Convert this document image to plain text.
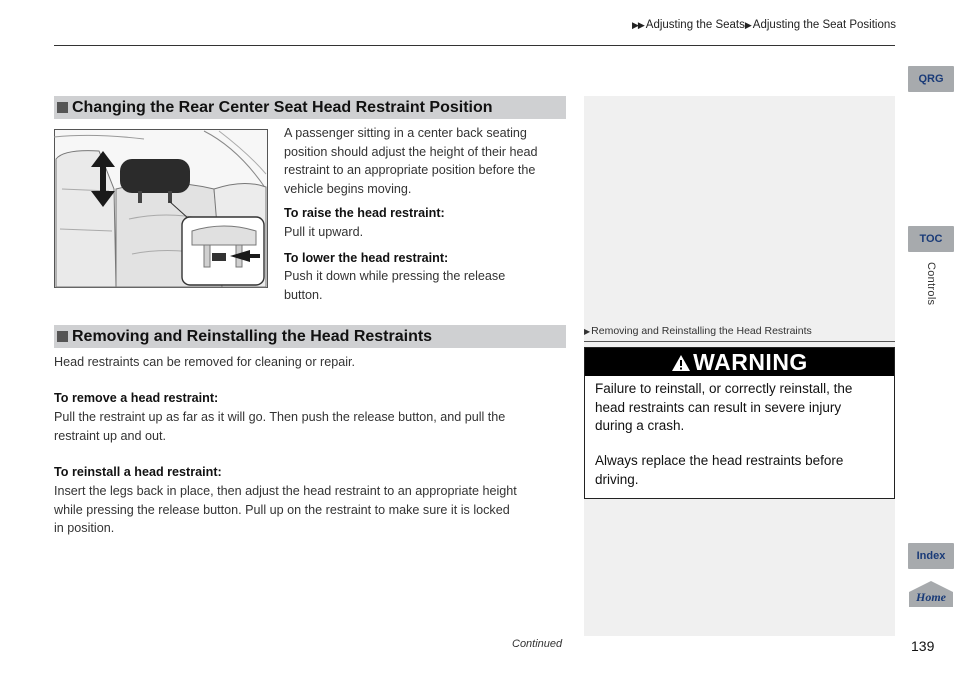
▶▶ Adjusting the Seats▶ Adjusting the Seat Positions
QRG
TOC
Controls
Index
Home
Changing the Rear Center Seat Head Restraint Position
A passenger sitting in a center back seating
position should adjust the height of their head
restraint to an appropriate position before the
vehicle begins moving.
To raise the head restraint:
Pull it upward.
To lower the head restraint:
Push it down while pressing the release
button.
Removing and Reinstalling the Head Restraints
Head restraints can be removed for cleaning or repair.
To remove a head restraint:
Pull the restraint up as far as it will go. Then push the release button, and pull the
restraint up and out.
To reinstall a head restraint:
Insert the legs back in place, then adjust the head restraint to an appropriate height
while pressing the release button. Pull up on the restraint to make sure it is locked
in position.
▶Removing and Reinstalling the Head Restraints
WARNING
Failure to reinstall, or correctly reinstall, the
head restraints can result in severe injury
during a crash.
Always replace the head restraints before
driving.
Continued	139
